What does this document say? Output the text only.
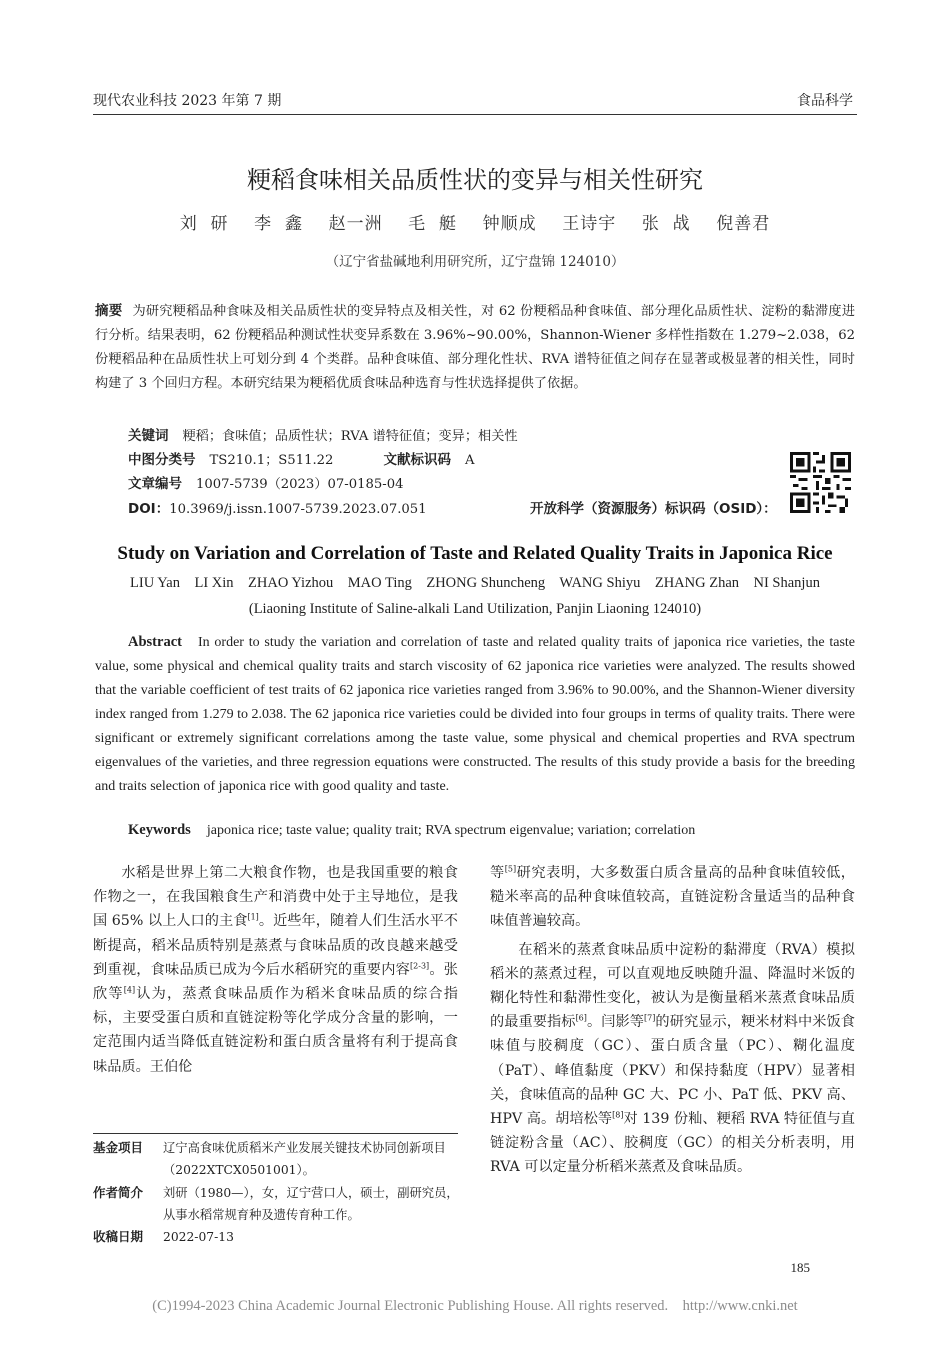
现代农业科技 2023 年第 7 期	食品科学
粳稻食味相关品质性状的变异与相关性研究
刘  研    李  鑫    赵一洲    毛  艇    钟顺成    王诗宇    张  战    倪善君
（辽宁省盐碱地利用研究所，辽宁盘锦 124010）
摘要 为研究粳稻品种食味及相关品质性状的变异特点及相关性，对 62 份粳稻品种食味值、部分理化品质性状、淀粉的黏滞度进行分析。结果表明，62 份粳稻品种测试性状变异系数在 3.96%~90.00%，Shannon-Wiener 多样性指数在 1.279~2.038，62 份粳稻品种在品质性状上可划分到 4 个类群。品种食味值、部分理化性状、RVA 谱特征值之间存在显著或极显著的相关性，同时构建了 3 个回归方程。本研究结果为粳稻优质食味品种选育与性状选择提供了依据。
关键词 粳稻；食味值；品质性状；RVA 谱特征值；变异；相关性
中图分类号 TS210.1；S511.22	文献标识码 A
文章编号 1007-5739（2023）07-0185-04
DOI：10.3969/j.issn.1007-5739.2023.07.051	开放科学（资源服务）标识码（OSID）：
Study on Variation and Correlation of Taste and Related Quality Traits in Japonica Rice
LIU Yan    LI Xin    ZHAO Yizhou    MAO Ting    ZHONG Shuncheng    WANG Shiyu    ZHANG Zhan    NI Shanjun
(Liaoning Institute of Saline-alkali Land Utilization, Panjin Liaoning 124010)
Abstract In order to study the variation and correlation of taste and related quality traits of japonica rice varieties, the taste value, some physical and chemical quality traits and starch viscosity of 62 japonica rice varieties were analyzed. The results showed that the variable coefficient of test traits of 62 japonica rice varieties ranged from 3.96% to 90.00%, and the Shannon-Wiener diversity index ranged from 1.279 to 2.038. The 62 japonica rice varieties could be divided into four groups in terms of quality traits. There were significant or extremely significant correlations among the taste value, some physical and chemical properties and RVA spectrum eigenvalues of the varieties, and three regression equations were constructed. The results of this study provide a basis for the breeding and traits selection of japonica rice with good quality and taste.
Keywords japonica rice; taste value; quality trait; RVA spectrum eigenvalue; variation; correlation

水稻是世界上第二大粮食作物，也是我国重要的粮食作物之一，在我国粮食生产和消费中处于主导地位，是我国 65% 以上人口的主食[1]。近些年，随着人们生活水平不断提高，稻米品质特别是蒸煮与食味品质的改良越来越受到重视，食味品质已成为今后水稻研究的重要内容[2-3]。张欣等[4]认为，蒸煮食味品质作为稻米食味品质的综合指标，主要受蛋白质和直链淀粉等化学成分含量的影响，一定范围内适当降低直链淀粉和蛋白质含量将有利于提高食味品质。王伯伦

等[5]研究表明，大多数蛋白质含量高的品种食味值较低，糙米率高的品种食味值较高，直链淀粉含量适当的品种食味值普遍较高。

在稻米的蒸煮食味品质中淀粉的黏滞度（RVA）模拟稻米的蒸煮过程，可以直观地反映随升温、降温时米饭的糊化特性和黏滞性变化，被认为是衡量稻米蒸煮食味品质的最重要指标[6]。闫影等[7]的研究显示，粳米材料中米饭食味值与胶稠度（GC）、蛋白质含量（PC）、糊化温度（PaT）、峰值黏度（PKV）和保持黏度（HPV）显著相关，食味值高的品种 GC 大、PC 小、PaT 低、PKV 高、HPV 高。胡培松等[8]对 139 份籼、粳稻 RVA 特征值与直链淀粉含量（AC）、胶稠度（GC）的相关分析表明，用 RVA 可以定量分析稻米蒸煮及食味品质。

基金项目	辽宁高食味优质稻米产业发展关键技术协同创新项目（2022XTCX0501001）。
作者简介	刘研（1980—），女，辽宁营口人，硕士，副研究员，从事水稻常规育种及遗传育种工作。
收稿日期	2022-07-13
185
(C)1994-2023 China Academic Journal Electronic Publishing House. All rights reserved.    http://www.cnki.net
